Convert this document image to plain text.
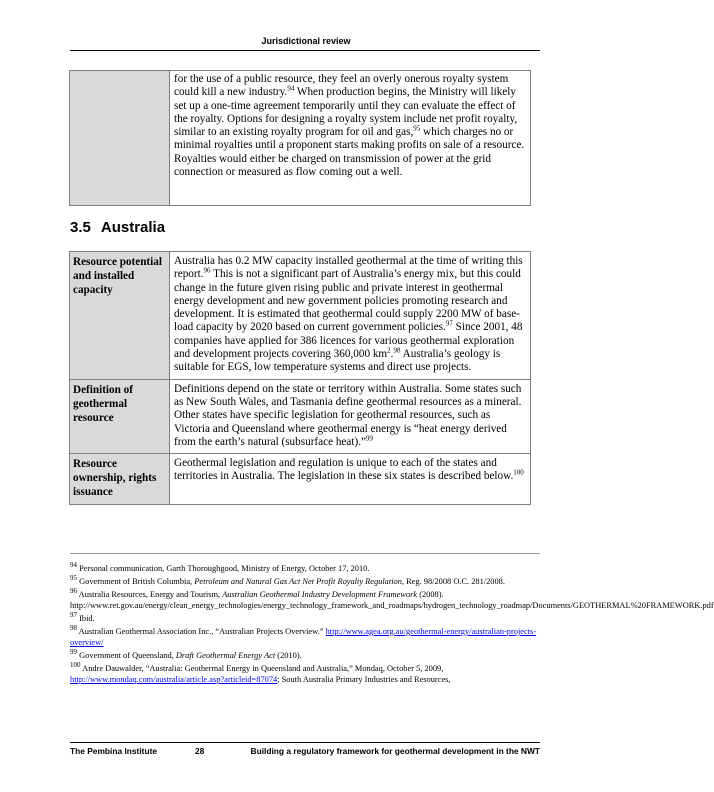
Jurisdictional review

for the use of a public resource, they feel an overly onerous royalty system could kill a new industry.$^{94}$ When production begins, the Ministry will likely set up a one-time agreement temporarily until they can evaluate the effect of the royalty. Options for designing a royalty system include net profit royalty, similar to an existing royalty program for oil and gas,$^{95}$ which charges no or minimal royalties until a proponent starts making profits on sale of a resource. Royalties would either be charged on transmission of power at the grid connection or measured as flow coming out a well.

3.5 Australia
Resource potential and installed capacity	Australia has 0.2 MW capacity installed geothermal at the time of writing this report.$^{96}$ This is not a significant part of Australia’s energy mix, but this could change in the future given rising public and private interest in geothermal energy development and new government policies promoting research and development. It is estimated that geothermal could supply 2200 MW of base-load capacity by 2020 based on current government policies.$^{97}$ Since 2001, 48 companies have applied for 386 licences for various geothermal exploration and development projects covering 360,000 $km^2.^{98}$ Australia’s geology is suitable for EGS, low temperature systems and direct use projects.

Definition of geothermal resource	Definitions depend on the state or territory within Australia. Some states such as New South Wales, and Tasmania define geothermal resources as a mineral. Other states have specific legislation for geothermal resources, such as Victoria and Queensland where geothermal energy is “heat energy derived from the earth’s natural (subsurface heat).”$^{99}$

Resource ownership, rights issuance	Geothermal legislation and regulation is unique to each of the states and territories in Australia. The legislation in these six states is described below.$^{100}$

$^{94}$ Personal communication, Garth Thoroughgood, Ministry of Energy, October 17, 2010.

$^{95}$ Government of British Columbia, Petroleum and Natural Gas Act Net Profit Royalty Regulation, Reg. 98/2008 O.C. 281/2008.

$^{96}$ Australia Resources, Energy and Tourism, Australian Geothermal Industry Development Framework (2008). http://www.ret.gov.au/energy/clean_energy_technologies/energy_technology_framework_and_roadmaps/hydrogen_technology_roadmap/Documents/GEOTHERMAL%20FRAMEWORK.pdf

$^{97}$ Ibid.

$^{98}$ Australian Geothermal Association Inc., “Australian Projects Overview.” http://www.agea.org.au/geothermal-energy/australian-projects-overview/

$^{99}$ Government of Queensland, Draft Geothermal Energy Act (2010).

$^{100}$ Andre Dauwalder, “Australia: Geothermal Energy in Queensland and Australia,” Mondaq, October 5, 2009, http://www.mondaq.com/australia/article.asp?articleid=87074; South Australia Primary Industries and Resources,

The Pembina Institute	28	Building a regulatory framework for geothermal development in the NWT
